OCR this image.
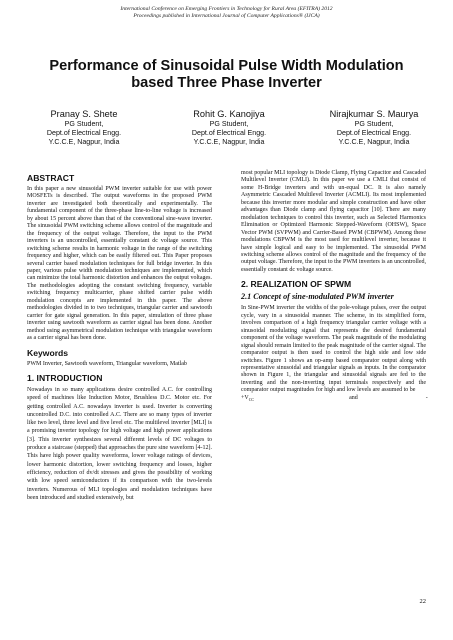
International Conference on Emerging Frontiers in Technology for Rural Area (EFITRA) 2012
Proceedings published in International Journal of Computer Applications® (IJCA)
Performance of Sinusoidal Pulse Width Modulation
based Three Phase Inverter
Pranay S. Shete
PG Student,
Dept.of Electrical Engg.
Y.C.C.E, Nagpur, India
Rohit G. Kanojiya
PG Student,
Dept.of Electrical Engg.
Y.C.C.E, Nagpur, India
Nirajkumar S. Maurya
PG Student,
Dept.of Electrical Engg.
Y.C.C.E, Nagpur, India
ABSTRACT

In this paper a new sinusoidal PWM inverter suitable for use with power MOSFETs is described. The output waveforms in the proposed PWM inverter are investigated both theoretically and experimentally. The fundamental component of the three-phase line-to-line voltage is increased by about 15 percent above than that of the conventional sine-wave inverter. The sinusoidal PWM switching scheme allows control of the magnitude and the frequency of the output voltage. Therefore, the input to the PWM inverters is an uncontrolled, essentially constant dc voltage source. This switching scheme results in harmonic voltage in the range of the switching frequency and higher, which can be easily filtered out. This Paper proposes several carrier based modulation techniques for full bridge inverter. In this paper, various pulse width modulation techniques are implemented, which can minimize the total harmonic distortion and enhances the output voltages. The methodologies adopting the constant switching frequency, variable switching frequency multicarrier, phase shifted carrier pulse width modulation concepts are implemented in this paper. The above methodologies divided in to two techniques, triangular carrier and sawtooth carrier for gate signal generation. In this paper, simulation of three phase inverter using sawtooth waveform as carrier signal has been done. Another method using asymmetrical modulation technique with triangular waveform as a carrier signal has been done.

Keywords

PWM Inverter, Sawtooth waveform, Triangular waveform, Matlab

1. INTRODUCTION

Nowadays in so many applications desire controlled A.C. for controlling speed of machines like Induction Motor, Brushless D.C. Motor etc. For getting controlled A.C. nowadays inverter is used. Inverter is converting uncontrolled D.C. into controlled A.C. There are so many types of inverter like two level, three level and five level etc. The multilevel inverter [MLI] is a promising inverter topology for high voltage and high power applications [3]. This inverter synthesizes several different levels of DC voltages to produce a staircase (stepped) that approaches the pure sine waveform [4-12]. This have high power quality waveforms, lower voltage ratings of devices, lower harmonic distortion, lower switching frequency and losses, higher efficiency, reduction of dv/dt stresses and gives the possibility of working with low speed semiconductors if its comparison with the two-levels inverters. Numerous of MLI topologies and modulation techniques have been introduced and studied extensively, but

most popular MLI topology is Diode Clamp, Flying Capacitor and Cascaded Multilevel Inverter (CMLI). In this paper we use a CMLI that consist of some H-Bridge inverters and with un-equal DC. It is also namely Asymmetric Cascaded Multilevel Inverter (ACMLI). Its most implemented because this inverter more modular and simple construction and have other advantages than Diode clamp and flying capacitor [10]. There are many modulation techniques to control this inverter, such as Selected Harmonics Elimination or Optimized Harmonic Stepped-Waveform (OHSW), Space Vector PWM (SVPWM) and Carrier-Based PWM (CBPWM). Among these modulations CBPWM is the most used for multilevel inverter, because it have simple logical and easy to be implemented. The sinusoidal PWM switching scheme allows control of the magnitude and the frequency of the output voltage. Therefore, the input to the PWM inverters is an uncontrolled, essentially constant dc voltage source.

2. REALIZATION OF SPWM
2.1 Concept of sine-modulated PWM inverter

In Sine-PWM inverter the widths of the pole-voltage pulses, over the output cycle, vary in a sinusoidal manner. The scheme, in its simplified form, involves comparison of a high frequency triangular carrier voltage with a sinusoidal modulating signal that represents the desired fundamental component of the voltage waveform. The peak magnitude of the modulating signal should remain limited to the peak magnitude of the carrier signal. The comparator output is then used to control the high side and low side switches. Figure 1 shows an op-amp based comparator output along with representative sinusoidal and triangular signals as inputs. In the comparator shown in Figure 1, the triangular and sinusoidal signals are fed to the inverting and the non-inverting input terminals respectively and the comparator output magnitudes for high and low levels are assumed to be

$+V_{CC}$	and	-

22
